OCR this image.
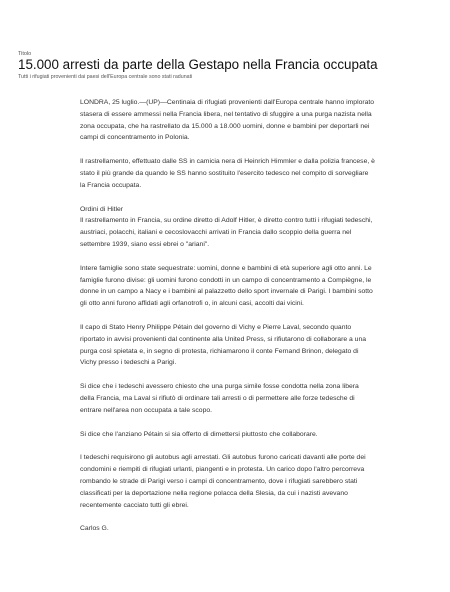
Titolo
15.000 arresti da parte della Gestapo nella Francia occupata
Tutti i rifugiati provenienti dai paesi dell'Europa centrale sono stati radunati

LONDRA, 25 luglio.—(UP)—Centinaia di rifugiati provenienti dall'Europa centrale hanno implorato stasera di essere ammessi nella Francia libera, nel tentativo di sfuggire a una purga nazista nella zona occupata, che ha rastrellato da 15.000 a 18.000 uomini, donne e bambini per deportarli nei campi di concentramento in Polonia.

Il rastrellamento, effettuato dalle SS in camicia nera di Heinrich Himmler e dalla polizia francese, è stato il più grande da quando le SS hanno sostituito l'esercito tedesco nel compito di sorvegliare la Francia occupata.

Ordini di Hitler

Il rastrellamento in Francia, su ordine diretto di Adolf Hitler, è diretto contro tutti i rifugiati tedeschi, austriaci, polacchi, italiani e cecoslovacchi arrivati in Francia dallo scoppio della guerra nel settembre 1939, siano essi ebrei o "ariani".

Intere famiglie sono state sequestrate: uomini, donne e bambini di età superiore agli otto anni. Le famiglie furono divise: gli uomini furono condotti in un campo di concentramento a Compiègne, le donne in un campo a Nacy e i bambini al palazzetto dello sport invernale di Parigi. I bambini sotto gli otto anni furono affidati agli orfanotrofi o, in alcuni casi, accolti dai vicini.

Il capo di Stato Henry Philippe Pétain del governo di Vichy e Pierre Laval, secondo quanto riportato in avvisi provenienti dal continente alla United Press, si rifiutarono di collaborare a una purga così spietata e, in segno di protesta, richiamarono il conte Fernand Brinon, delegato di Vichy presso i tedeschi a Parigi.

Si dice che i tedeschi avessero chiesto che una purga simile fosse condotta nella zona libera della Francia, ma Laval si rifiutò di ordinare tali arresti o di permettere alle forze tedesche di entrare nell'area non occupata a tale scopo.

Si dice che l'anziano Pétain si sia offerto di dimettersi piuttosto che collaborare.

I tedeschi requisirono gli autobus agli arrestati. Gli autobus furono caricati davanti alle porte dei condomini e riempiti di rifugiati urlanti, piangenti e in protesta. Un carico dopo l'altro percorreva rombando le strade di Parigi verso i campi di concentramento, dove i rifugiati sarebbero stati classificati per la deportazione nella regione polacca della Slesia, da cui i nazisti avevano recentemente cacciato tutti gli ebrei.

Carlos G.
